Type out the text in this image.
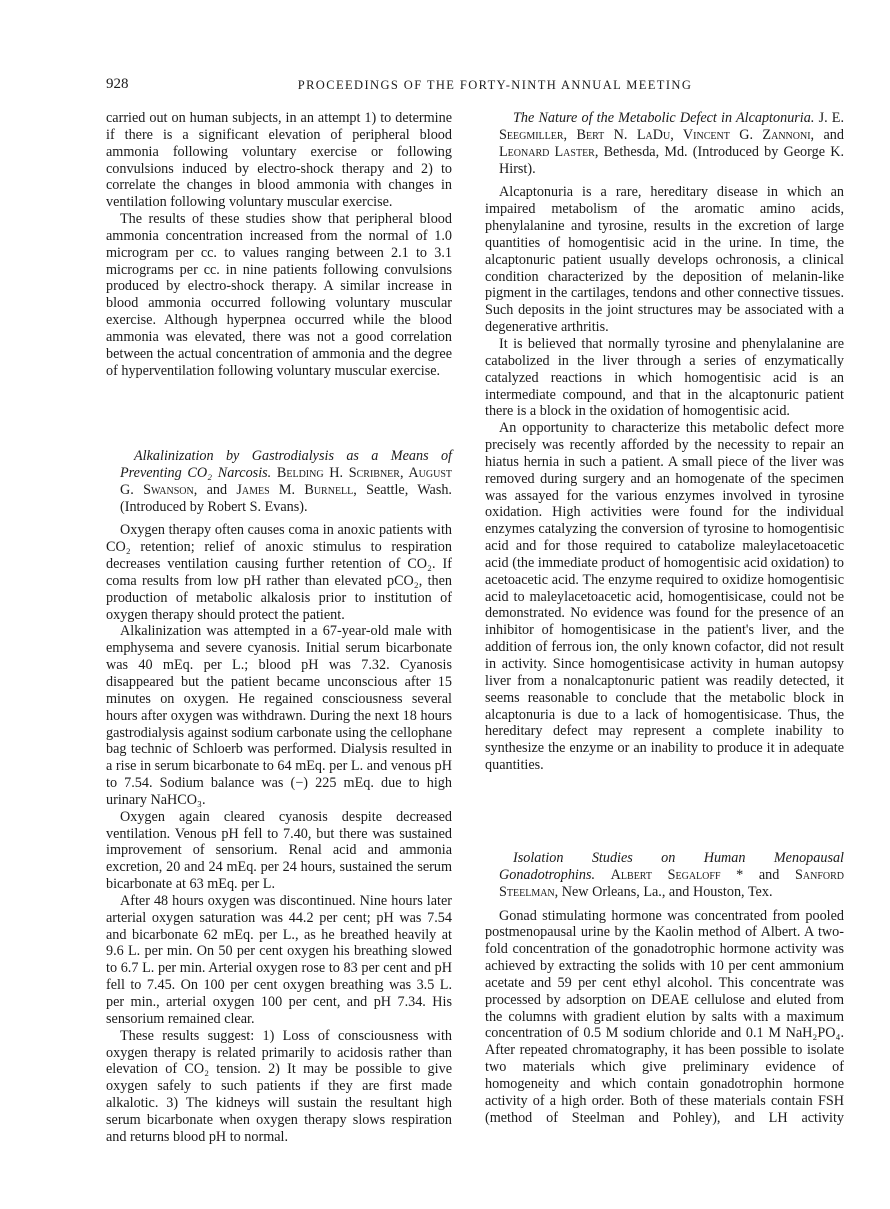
928	PROCEEDINGS OF THE FORTY-NINTH ANNUAL MEETING

carried out on human subjects, in an attempt 1) to determine if there is a significant elevation of peripheral blood ammonia following voluntary exercise or following convulsions induced by electro-shock therapy and 2) to correlate the changes in blood ammonia with changes in ventilation following voluntary muscular exercise.

The results of these studies show that peripheral blood ammonia concentration increased from the normal of 1.0 microgram per cc. to values ranging between 2.1 to 3.1 micrograms per cc. in nine patients following convulsions produced by electro-shock therapy. A similar increase in blood ammonia occurred following voluntary muscular exercise. Although hyperpnea occurred while the blood ammonia was elevated, there was not a good correlation between the actual concentration of ammonia and the degree of hyperventilation following voluntary muscular exercise.

Alkalinization by Gastrodialysis as a Means of Preventing CO₂ Narcosis. Belding H. Scribner, August G. Swanson, and James M. Burnell, Seattle, Wash. (Introduced by Robert S. Evans).

Oxygen therapy often causes coma in anoxic patients with CO₂ retention; relief of anoxic stimulus to respiration decreases ventilation causing further retention of CO₂. If coma results from low pH rather than elevated pCO₂, then production of metabolic alkalosis prior to institution of oxygen therapy should protect the patient.

Alkalinization was attempted in a 67-year-old male with emphysema and severe cyanosis. Initial serum bicarbonate was 40 mEq. per L.; blood pH was 7.32. Cyanosis disappeared but the patient became unconscious after 15 minutes on oxygen. He regained consciousness several hours after oxygen was withdrawn. During the next 18 hours gastrodialysis against sodium carbonate using the cellophane bag technic of Schloerb was performed. Dialysis resulted in a rise in serum bicarbonate to 64 mEq. per L. and venous pH to 7.54. Sodium balance was (−) 225 mEq. due to high urinary NaHCO₃.

Oxygen again cleared cyanosis despite decreased ventilation. Venous pH fell to 7.40, but there was sustained improvement of sensorium. Renal acid and ammonia excretion, 20 and 24 mEq. per 24 hours, sustained the serum bicarbonate at 63 mEq. per L.

After 48 hours oxygen was discontinued. Nine hours later arterial oxygen saturation was 44.2 per cent; pH was 7.54 and bicarbonate 62 mEq. per L., as he breathed heavily at 9.6 L. per min. On 50 per cent oxygen his breathing slowed to 6.7 L. per min. Arterial oxygen rose to 83 per cent and pH fell to 7.45. On 100 per cent oxygen breathing was 3.5 L. per min., arterial oxygen 100 per cent, and pH 7.34. His sensorium remained clear.

These results suggest: 1) Loss of consciousness with oxygen therapy is related primarily to acidosis rather than elevation of CO₂ tension. 2) It may be possible to give oxygen safely to such patients if they are first made alkalotic. 3) The kidneys will sustain the resultant high serum bicarbonate when oxygen therapy slows respiration and returns blood pH to normal.

The Nature of the Metabolic Defect in Alcaptonuria. J. E. Seegmiller, Bert N. LaDu, Vincent G. Zannoni, and Leonard Laster, Bethesda, Md. (Introduced by George K. Hirst).

Alcaptonuria is a rare, hereditary disease in which an impaired metabolism of the aromatic amino acids, phenylalanine and tyrosine, results in the excretion of large quantities of homogentisic acid in the urine. In time, the alcaptonuric patient usually develops ochronosis, a clinical condition characterized by the deposition of melanin-like pigment in the cartilages, tendons and other connective tissues. Such deposits in the joint structures may be associated with a degenerative arthritis.

It is believed that normally tyrosine and phenylalanine are catabolized in the liver through a series of enzymatically catalyzed reactions in which homogentisic acid is an intermediate compound, and that in the alcaptonuric patient there is a block in the oxidation of homogentisic acid.

An opportunity to characterize this metabolic defect more precisely was recently afforded by the necessity to repair an hiatus hernia in such a patient. A small piece of the liver was removed during surgery and an homogenate of the specimen was assayed for the various enzymes involved in tyrosine oxidation. High activities were found for the individual enzymes catalyzing the conversion of tyrosine to homogentisic acid and for those required to catabolize maleylacetoacetic acid (the immediate product of homogentisic acid oxidation) to acetoacetic acid. The enzyme required to oxidize homogentisic acid to maleylacetoacetic acid, homogentisicase, could not be demonstrated. No evidence was found for the presence of an inhibitor of homogentisicase in the patient's liver, and the addition of ferrous ion, the only known cofactor, did not result in activity. Since homogentisicase activity in human autopsy liver from a nonalcaptonuric patient was readily detected, it seems reasonable to conclude that the metabolic block in alcaptonuria is due to a lack of homogentisicase. Thus, the hereditary defect may represent a complete inability to synthesize the enzyme or an inability to produce it in adequate quantities.

Isolation Studies on Human Menopausal Gonadotrophins. Albert Segaloff * and Sanford Steelman, New Orleans, La., and Houston, Tex.

Gonad stimulating hormone was concentrated from pooled postmenopausal urine by the Kaolin method of Albert. A two-fold concentration of the gonadotrophic hormone activity was achieved by extracting the solids with 10 per cent ammonium acetate and 59 per cent ethyl alcohol. This concentrate was processed by adsorption on DEAE cellulose and eluted from the columns with gradient elution by salts with a maximum concentration of 0.5 M sodium chloride and 0.1 M NaH₂PO₄. After repeated chromatography, it has been possible to isolate two materials which give preliminary evidence of homogeneity and which contain gonadotrophin hormone activity of a high order. Both of these materials contain FSH (method of Steelman and Pohley), and LH activity
